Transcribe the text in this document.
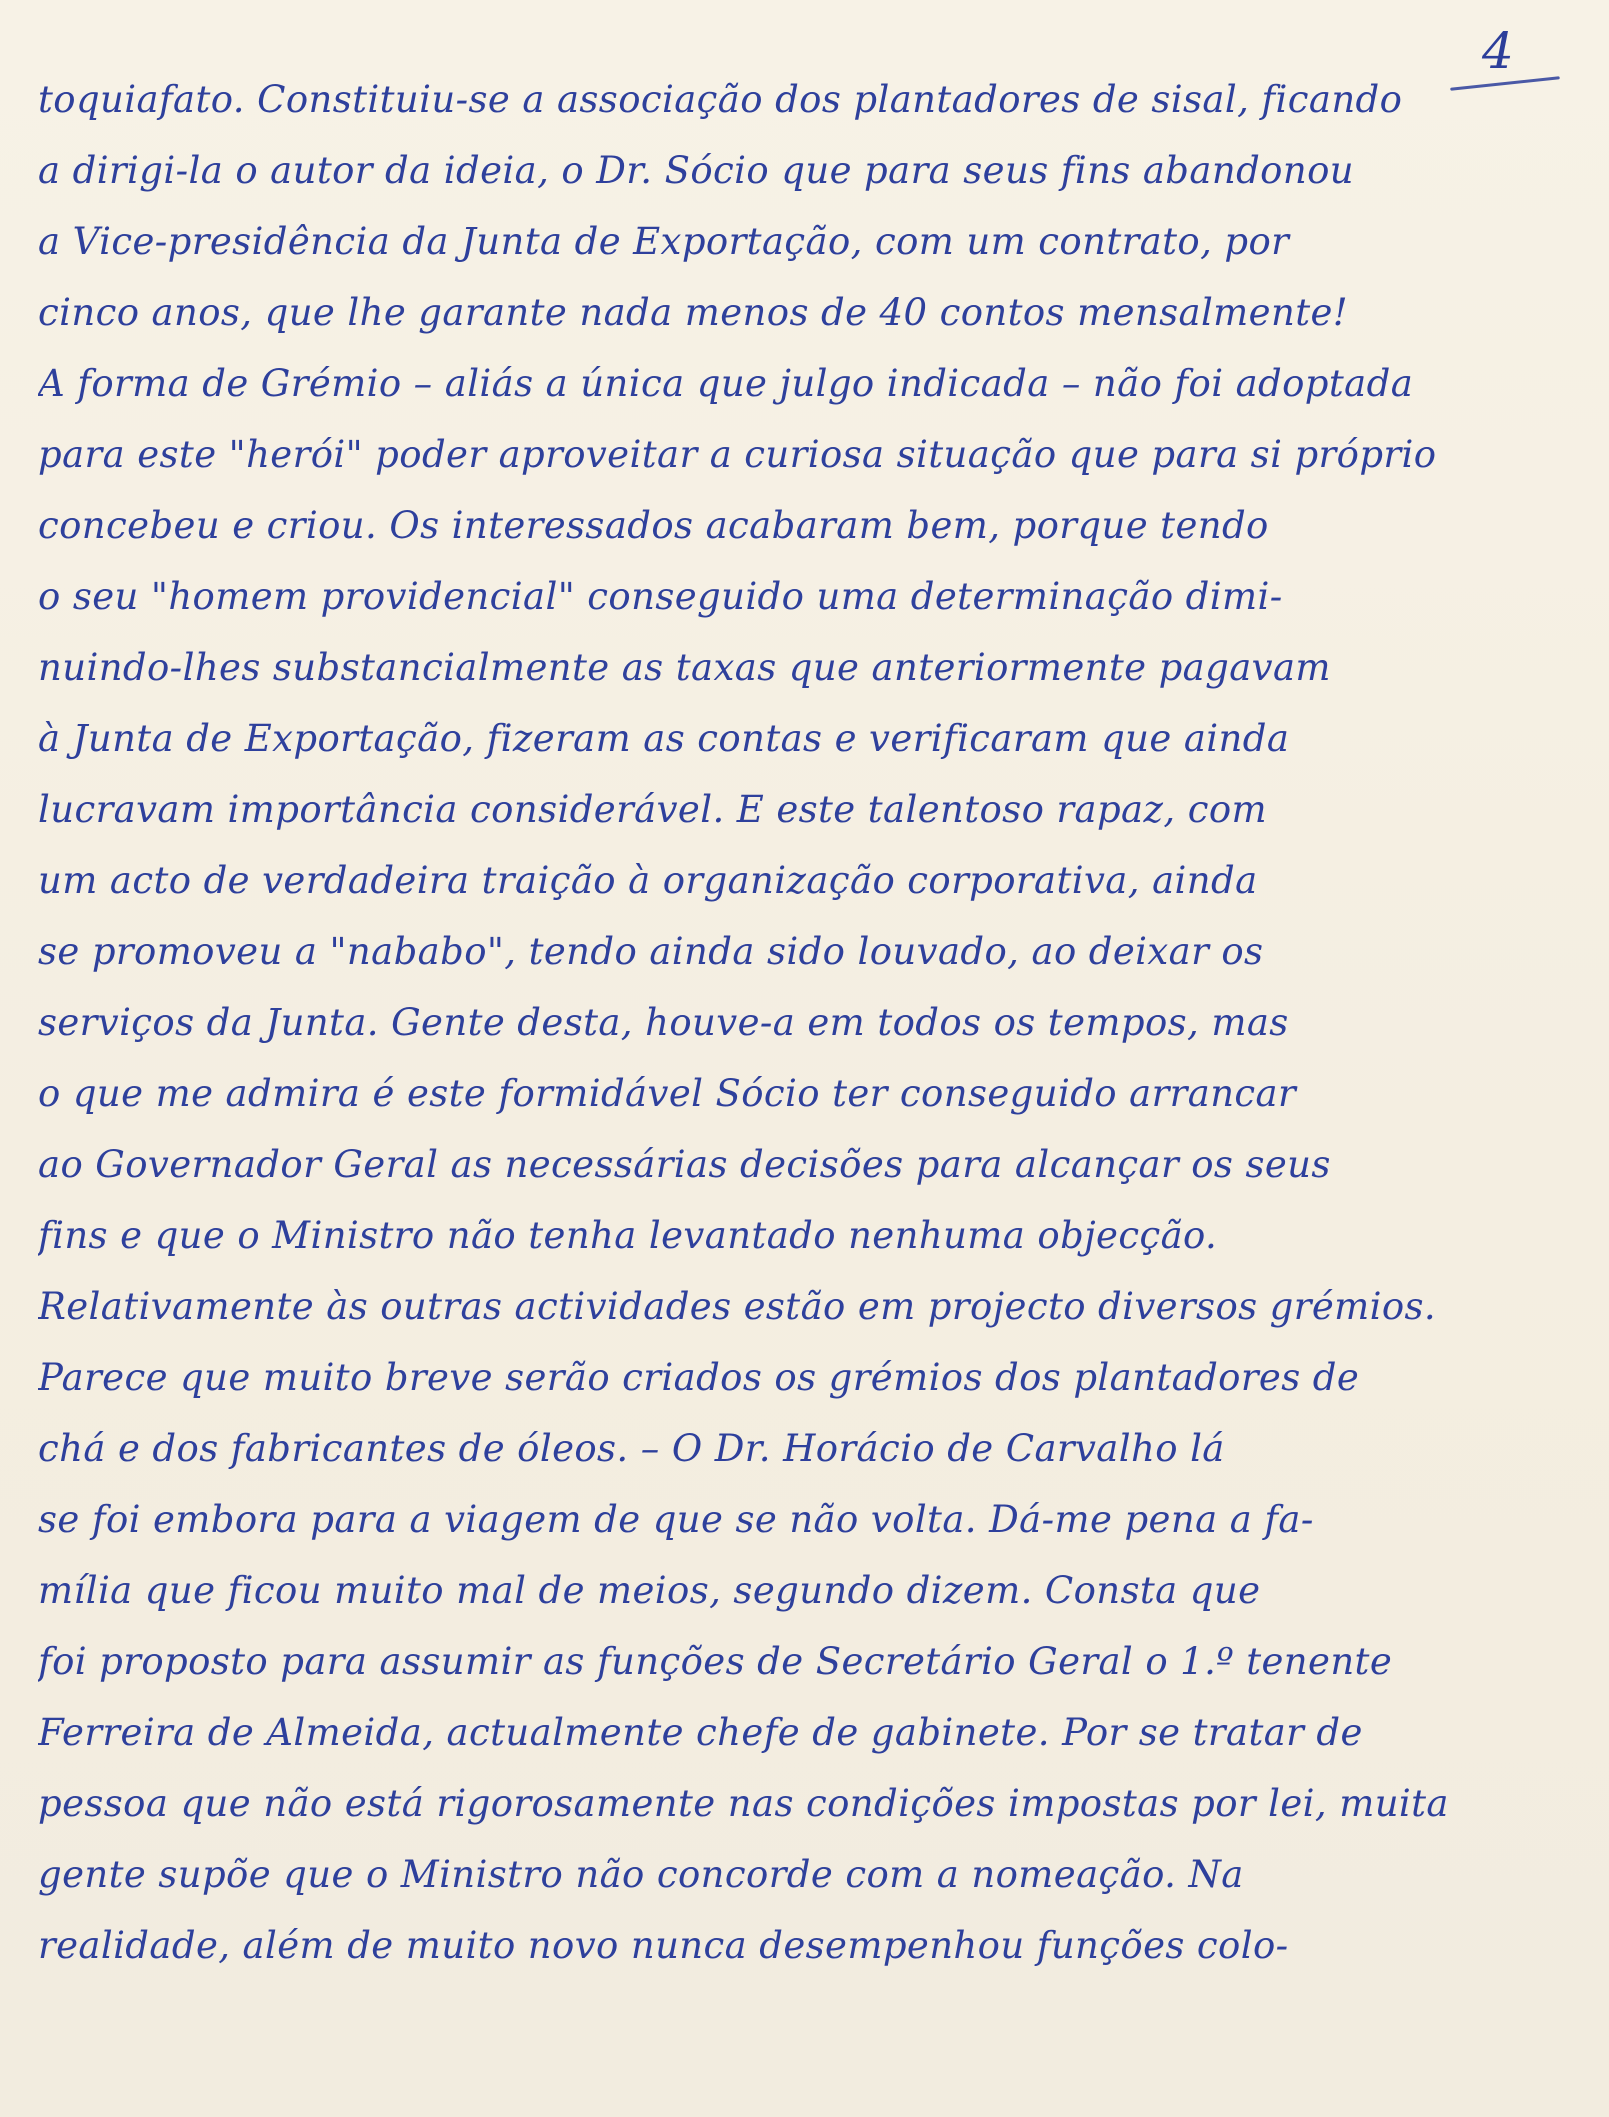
4
toquiafato. Constituiu-se a associação dos plantadores de sisal, ficando
a dirigi-la o autor da ideia, o Dr. Sócio que para seus fins abandonou
a Vice-presidência da Junta de Exportação, com um contrato, por
cinco anos, que lhe garante nada menos de 40 contos mensalmente!
A forma de Grémio – aliás a única que julgo indicada – não foi adoptada
para este "herói" poder aproveitar a curiosa situação que para si próprio
concebeu e criou. Os interessados acabaram bem, porque tendo
o seu "homem providencial" conseguido uma determinação dimi-
nuindo-lhes substancialmente as taxas que anteriormente pagavam
à Junta de Exportação, fizeram as contas e verificaram que ainda
lucravam importância considerável. E este talentoso rapaz, com
um acto de verdadeira traição à organização corporativa, ainda
se promoveu a "nababo", tendo ainda sido louvado, ao deixar os
serviços da Junta. Gente desta, houve-a em todos os tempos, mas
o que me admira é este formidável Sócio ter conseguido arrancar
ao Governador Geral as necessárias decisões para alcançar os seus
fins e que o Ministro não tenha levantado nenhuma objecção.
Relativamente às outras actividades estão em projecto diversos grémios.
Parece que muito breve serão criados os grémios dos plantadores de
chá e dos fabricantes de óleos. – O Dr. Horácio de Carvalho lá
se foi embora para a viagem de que se não volta. Dá-me pena a fa-
mília que ficou muito mal de meios, segundo dizem. Consta que
foi proposto para assumir as funções de Secretário Geral o 1.º tenente
Ferreira de Almeida, actualmente chefe de gabinete. Por se tratar de
pessoa que não está rigorosamente nas condições impostas por lei, muita
gente supõe que o Ministro não concorde com a nomeação. Na
realidade, além de muito novo nunca desempenhou funções colo-
